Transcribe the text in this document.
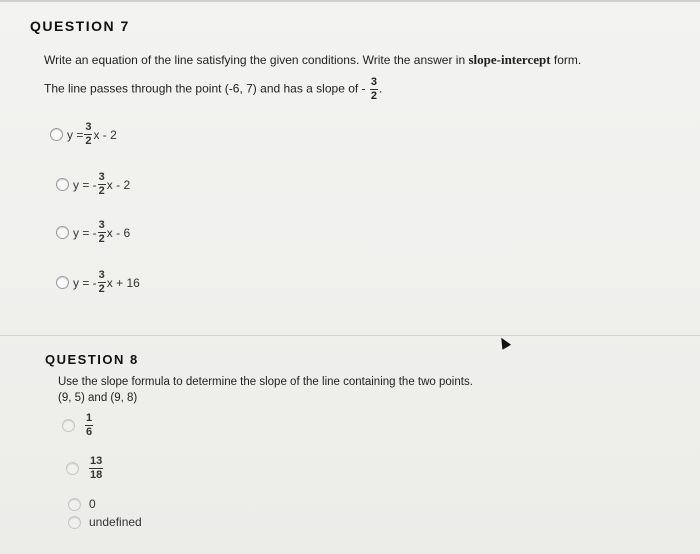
QUESTION 7
Write an equation of the line satisfying the given conditions. Write the answer in slope-intercept form.
The line passes through the point (-6, 7) and has a slope of - $\frac{3}{2}$ .
$y = \frac{3}{2}$ x - 2
y = - $\frac{3}{2}$ x - 2
y = - $\frac{3}{2}$ x - 6
y = - $\frac{3}{2}$ x + 16
QUESTION 8
Use the slope formula to determine the slope of the line containing the two points.
(9, 5) and (9, 8)
$\frac{1}{6}$
$\frac{13}{18}$
0
undefined
